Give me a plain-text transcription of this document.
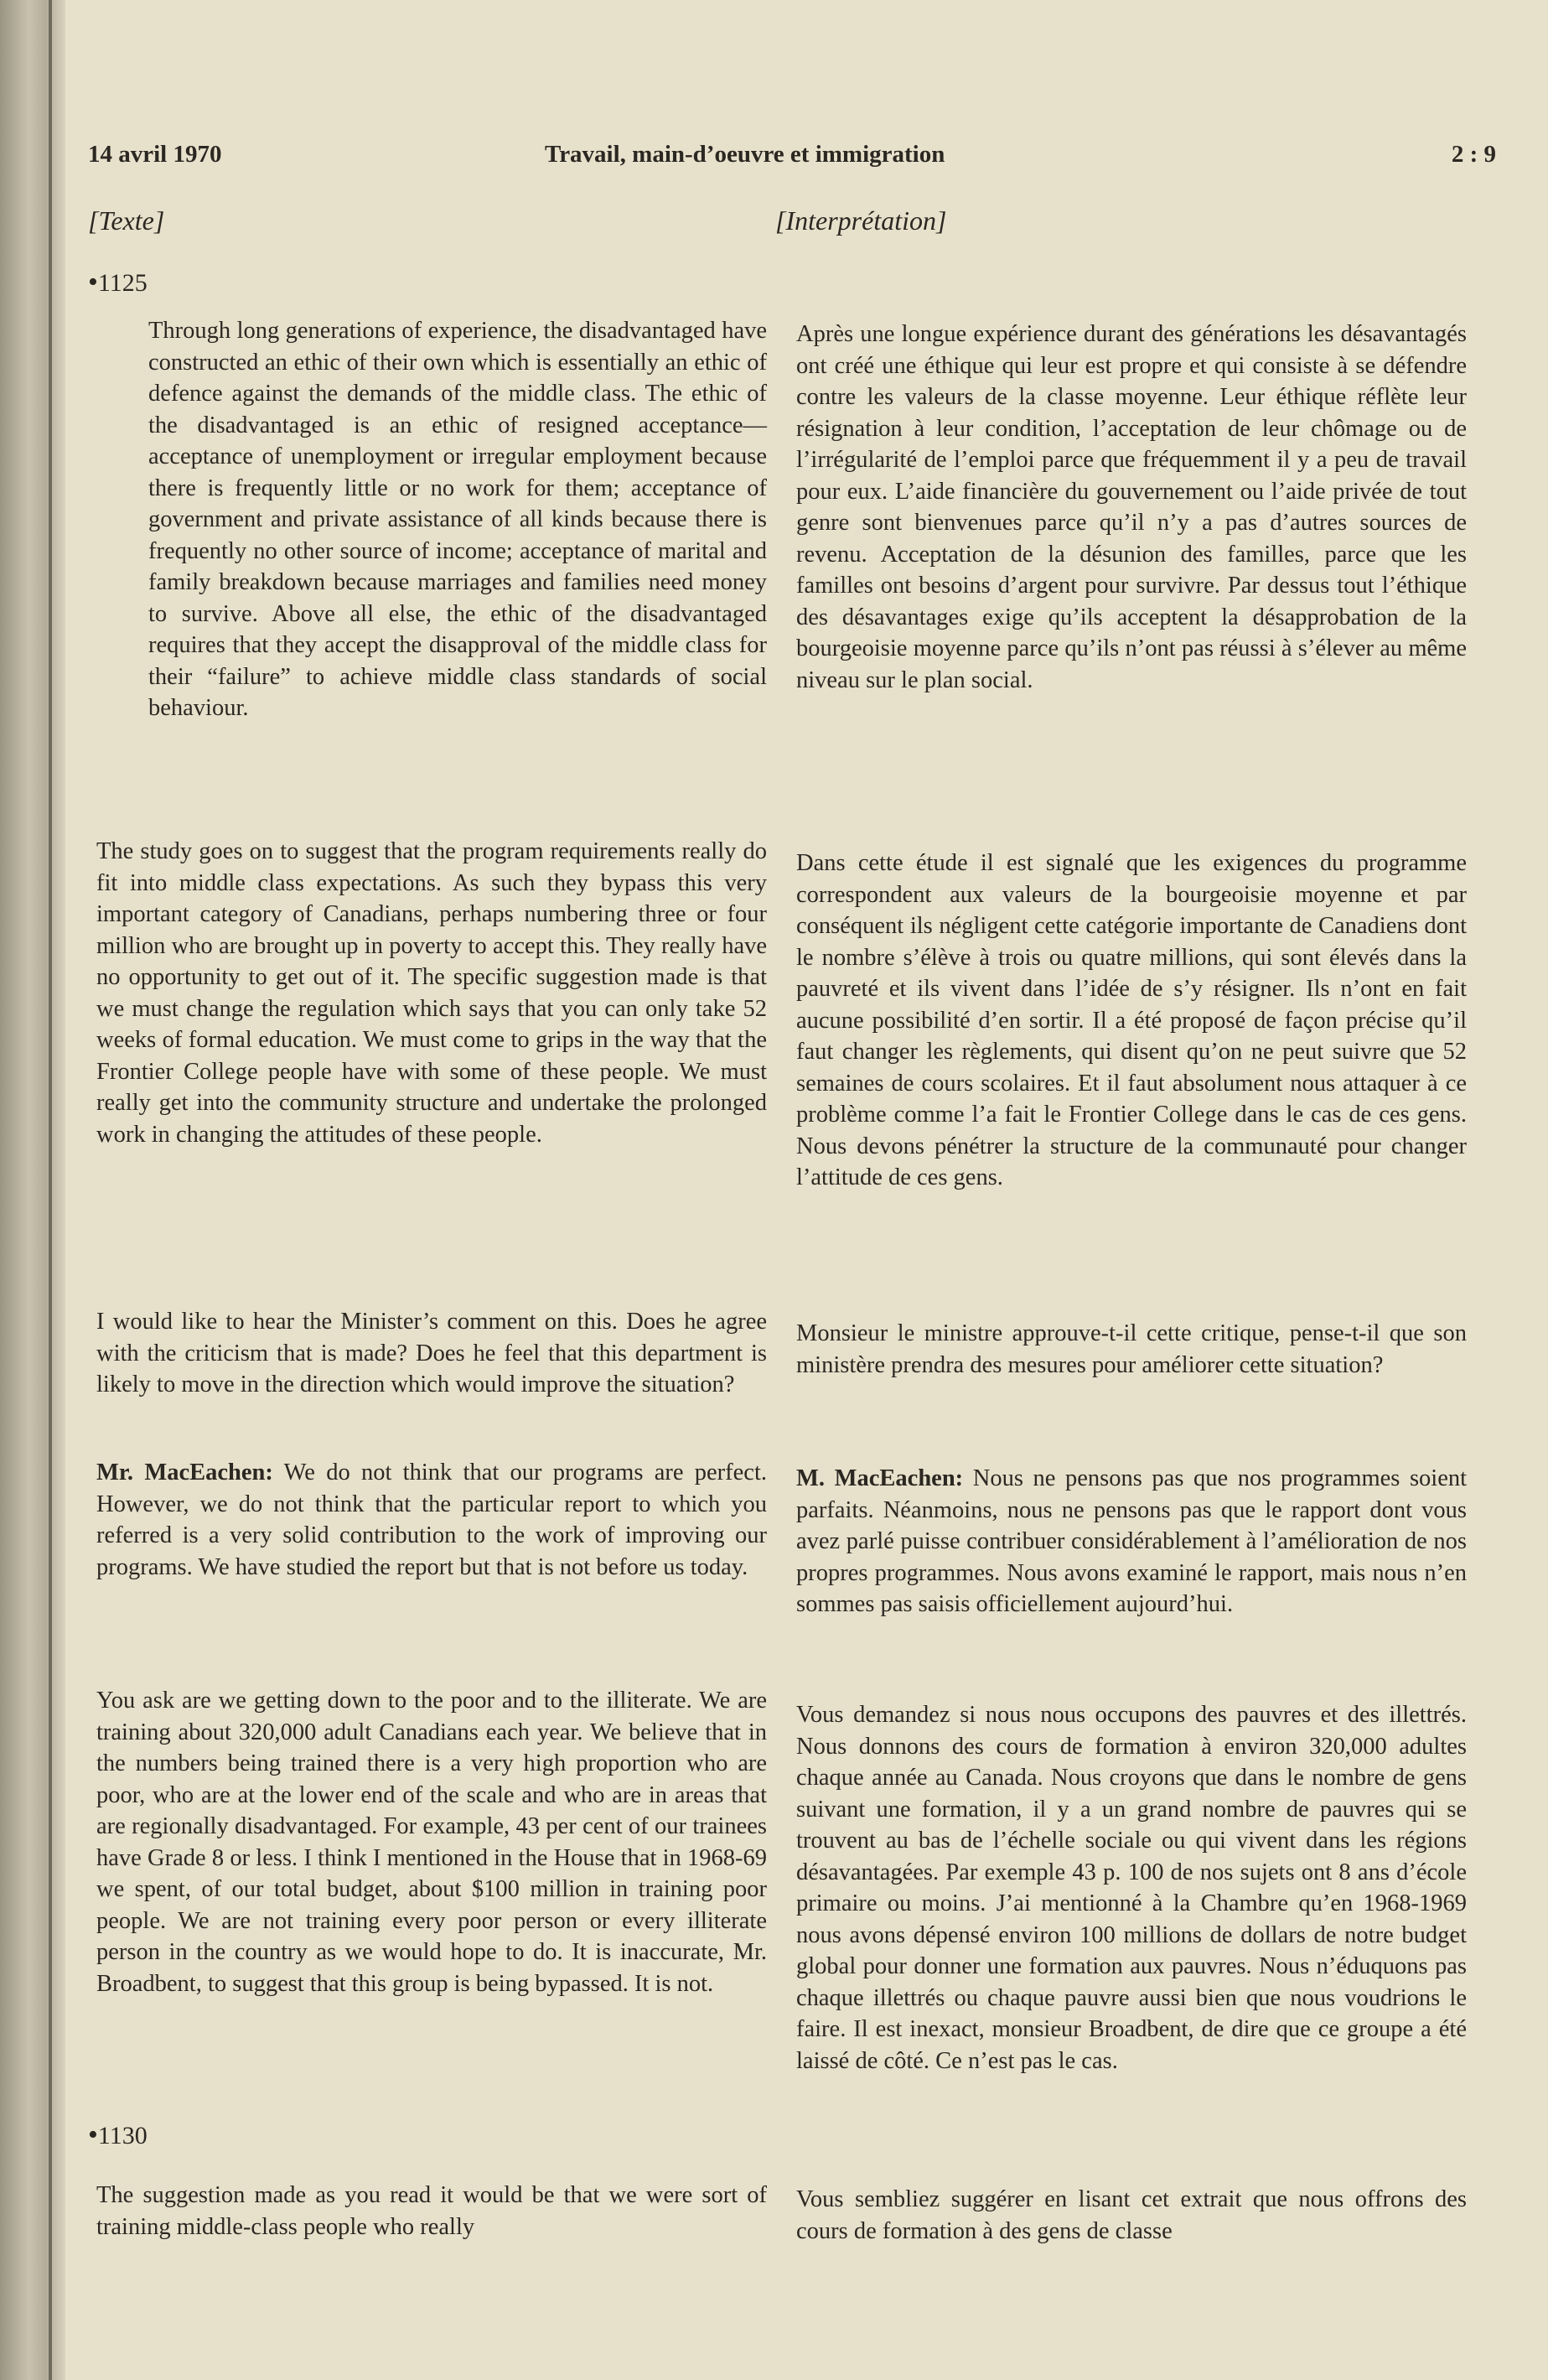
14 avril 1970	Travail, main-d’oeuvre et immigration	2 : 9
[Texte]	[Interprétation]
•1125
•1130

Through long generations of experience, the disadvantaged have constructed an ethic of their own which is essentially an ethic of defence against the demands of the middle class. The ethic of the disadvantaged is an ethic of resigned acceptance—acceptance of unemployment or irregular employment because there is frequently little or no work for them; acceptance of government and private assistance of all kinds because there is frequently no other source of income; acceptance of marital and family breakdown because marriages and families need money to survive. Above all else, the ethic of the disadvantaged requires that they accept the disapproval of the middle class for their “failure” to achieve middle class standards of social behaviour.

The study goes on to suggest that the program requirements really do fit into middle class expectations. As such they bypass this very important category of Canadians, perhaps numbering three or four million who are brought up in poverty to accept this. They really have no opportunity to get out of it. The specific suggestion made is that we must change the regulation which says that you can only take 52 weeks of formal education. We must come to grips in the way that the Frontier College people have with some of these people. We must really get into the community structure and undertake the prolonged work in changing the attitudes of these people.

I would like to hear the Minister’s comment on this. Does he agree with the criticism that is made? Does he feel that this department is likely to move in the direction which would improve the situation?

Mr. MacEachen: We do not think that our programs are perfect. However, we do not think that the particular report to which you referred is a very solid contribution to the work of improving our programs. We have studied the report but that is not before us today.

You ask are we getting down to the poor and to the illiterate. We are training about 320,000 adult Canadians each year. We believe that in the numbers being trained there is a very high proportion who are poor, who are at the lower end of the scale and who are in areas that are regionally disadvantaged. For example, 43 per cent of our trainees have Grade 8 or less. I think I mentioned in the House that in 1968-69 we spent, of our total budget, about $100 million in training poor people. We are not training every poor person or every illiterate person in the country as we would hope to do. It is inaccurate, Mr. Broadbent, to suggest that this group is being bypassed. It is not.

The suggestion made as you read it would be that we were sort of training middle-class people who really

Après une longue expérience durant des générations les désavantagés ont créé une éthique qui leur est propre et qui consiste à se défendre contre les valeurs de la classe moyenne. Leur éthique réflète leur résignation à leur condition, l’acceptation de leur chômage ou de l’irrégularité de l’emploi parce que fréquemment il y a peu de travail pour eux. L’aide financière du gouvernement ou l’aide privée de tout genre sont bienvenues parce qu’il n’y a pas d’autres sources de revenu. Acceptation de la désunion des familles, parce que les familles ont besoins d’argent pour survivre. Par dessus tout l’éthique des désavantages exige qu’ils acceptent la désapprobation de la bourgeoisie moyenne parce qu’ils n’ont pas réussi à s’élever au même niveau sur le plan social.

Dans cette étude il est signalé que les exigences du programme correspondent aux valeurs de la bourgeoisie moyenne et par conséquent ils négligent cette catégorie importante de Canadiens dont le nombre s’élève à trois ou quatre millions, qui sont élevés dans la pauvreté et ils vivent dans l’idée de s’y résigner. Ils n’ont en fait aucune possibilité d’en sortir. Il a été proposé de façon précise qu’il faut changer les règlements, qui disent qu’on ne peut suivre que 52 semaines de cours scolaires. Et il faut absolument nous attaquer à ce problème comme l’a fait le Frontier College dans le cas de ces gens. Nous devons pénétrer la structure de la communauté pour changer l’attitude de ces gens.

Monsieur le ministre approuve-t-il cette critique, pense-t-il que son ministère prendra des mesures pour améliorer cette situation?

M. MacEachen: Nous ne pensons pas que nos programmes soient parfaits. Néanmoins, nous ne pensons pas que le rapport dont vous avez parlé puisse contribuer considérablement à l’amélioration de nos propres programmes. Nous avons examiné le rapport, mais nous n’en sommes pas saisis officiellement aujourd’hui.

Vous demandez si nous nous occupons des pauvres et des illettrés. Nous donnons des cours de formation à environ 320,000 adultes chaque année au Canada. Nous croyons que dans le nombre de gens suivant une formation, il y a un grand nombre de pauvres qui se trouvent au bas de l’échelle sociale ou qui vivent dans les régions désavantagées. Par exemple 43 p. 100 de nos sujets ont 8 ans d’école primaire ou moins. J’ai mentionné à la Chambre qu’en 1968-1969 nous avons dépensé environ 100 millions de dollars de notre budget global pour donner une formation aux pauvres. Nous n’éduquons pas chaque illettrés ou chaque pauvre aussi bien que nous voudrions le faire. Il est inexact, monsieur Broadbent, de dire que ce groupe a été laissé de côté. Ce n’est pas le cas.

Vous sembliez suggérer en lisant cet extrait que nous offrons des cours de formation à des gens de classe
